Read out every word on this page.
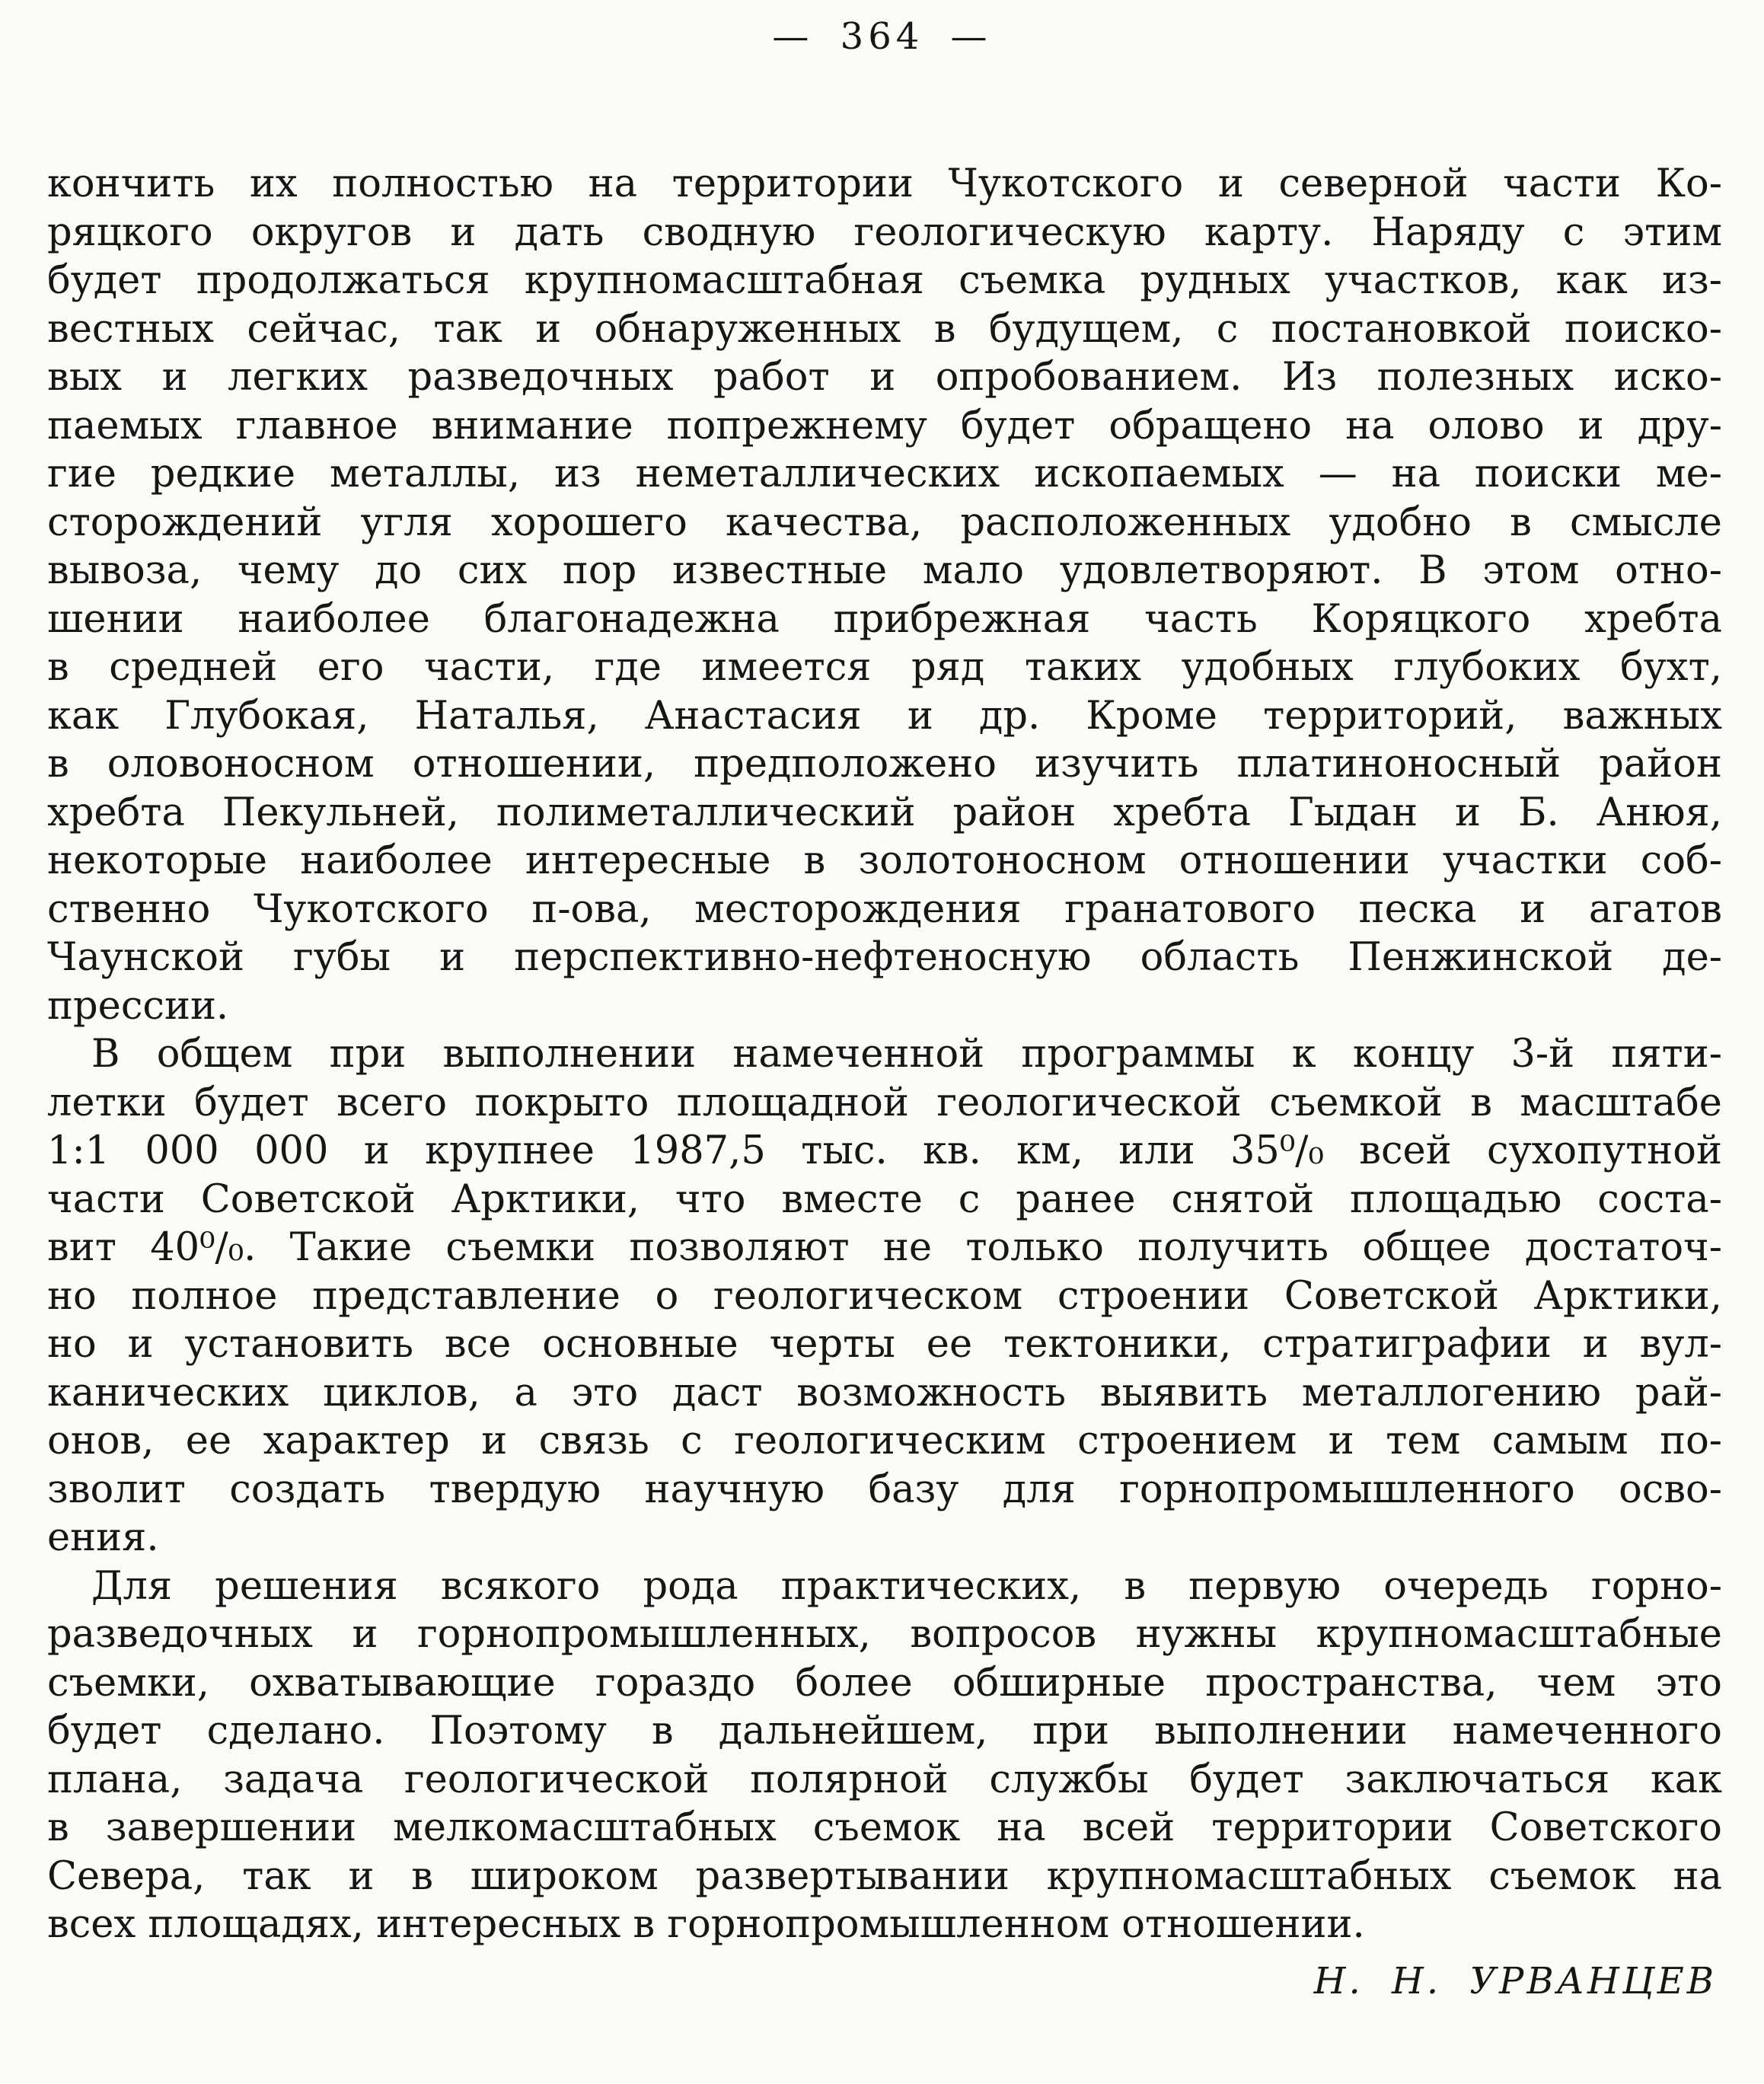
— 364 —
кончить их полностью на территории Чукотского и северной части Ко-
ряцкого округов и дать сводную геологическую карту. Наряду с этим
будет продолжаться крупномасштабная съемка рудных участков, как из-
вестных сейчас, так и обнаруженных в будущем, с постановкой поиско-
вых и легких разведочных работ и опробованием. Из полезных иско-
паемых главное внимание попрежнему будет обращено на олово и дру-
гие редкие металлы, из неметаллических ископаемых — на поиски ме-
сторождений угля хорошего качества, расположенных удобно в смысле
вывоза, чему до сих пор известные мало удовлетворяют. В этом отно-
шении наиболее благонадежна прибрежная часть Коряцкого хребта
в средней его части, где имеется ряд таких удобных глубоких бухт,
как Глубокая, Наталья, Анастасия и др. Кроме территорий, важных
в оловоносном отношении, предположено изучить платиноносный район
хребта Пекульней, полиметаллический район хребта Гыдан и Б. Анюя,
некоторые наиболее интересные в золотоносном отношении участки соб-
ственно Чукотского п-ова, месторождения гранатового песка и агатов
Чаунской губы и перспективно-нефтеносную область Пенжинской де-
прессии.
В общем при выполнении намеченной программы к концу 3-й пяти-
летки будет всего покрыто площадной геологической съемкой в масштабе
1:1 000 000 и крупнее 1987,5 тыс. кв. км, или 35⁰/₀ всей сухопутной
части Советской Арктики, что вместе с ранее снятой площадью соста-
вит 40⁰/₀. Такие съемки позволяют не только получить общее достаточ-
но полное представление о геологическом строении Советской Арктики,
но и установить все основные черты ее тектоники, стратиграфии и вул-
канических циклов, а это даст возможность выявить металлогению рай-
онов, ее характер и связь с геологическим строением и тем самым по-
зволит создать твердую научную базу для горнопромышленного осво-
ения.
Для решения всякого рода практических, в первую очередь горно-
разведочных и горнопромышленных, вопросов нужны крупномасштабные
съемки, охватывающие гораздо более обширные пространства, чем это
будет сделано. Поэтому в дальнейшем, при выполнении намеченного
плана, задача геологической полярной службы будет заключаться как
в завершении мелкомасштабных съемок на всей территории Советского
Севера, так и в широком развертывании крупномасштабных съемок на
всех площадях, интересных в горнопромышленном отношении.
Н. Н. УРВАНЦЕВ
